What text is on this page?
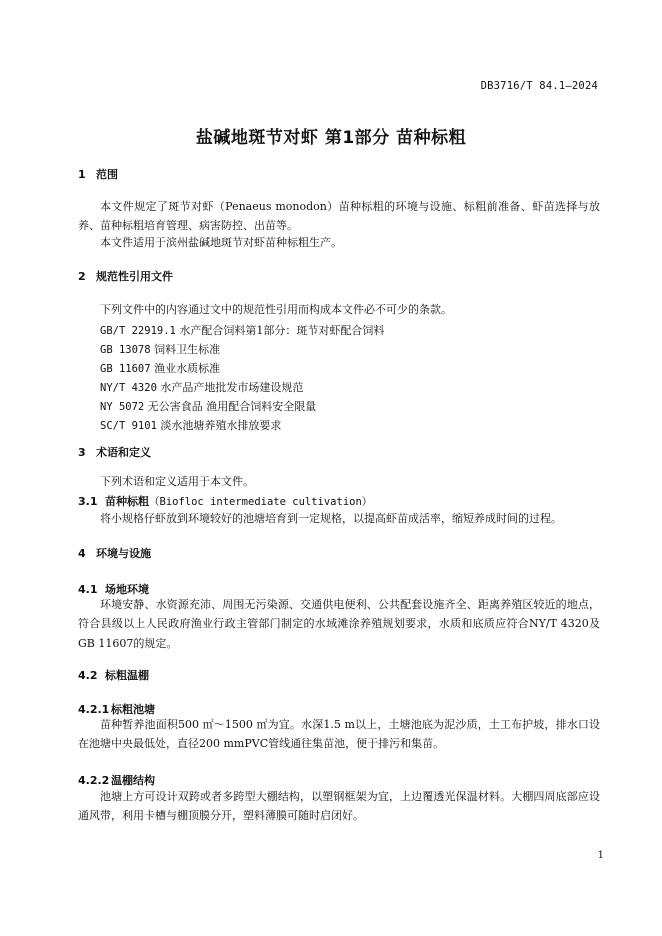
DB3716/T 84.1—2024
盐碱地斑节对虾 第1部分 苗种标粗
1 范围
本文件规定了斑节对虾（Penaeus monodon）苗种标粗的环境与设施、标粗前准备、虾苗选择与放养、苗种标粗培育管理、病害防控、出苗等。
本文件适用于滨州盐碱地斑节对虾苗种标粗生产。
2 规范性引用文件
下列文件中的内容通过文中的规范性引用而构成本文件必不可少的条款。
GB/T 22919.1 水产配合饲料第1部分：斑节对虾配合饲料
GB 13078 饲料卫生标准
GB 11607 渔业水质标准
NY/T 4320 水产品产地批发市场建设规范
NY 5072 无公害食品 渔用配合饲料安全限量
SC/T 9101 淡水池塘养殖水排放要求
3 术语和定义
下列术语和定义适用于本文件。
3.1 苗种标粗（Biofloc intermediate cultivation）
将小规格仔虾放到环境较好的池塘培育到一定规格，以提高虾苗成活率，缩短养成时间的过程。
4 环境与设施
4.1 场地环境
环境安静、水资源充沛、周围无污染源、交通供电便利、公共配套设施齐全、距离养殖区较近的地点，符合县级以上人民政府渔业行政主管部门制定的水域滩涂养殖规划要求，水质和底质应符合NY/T 4320及GB 11607的规定。
4.2 标粗温棚
4.2.1 标粗池塘
苗种暂养池面积500 ㎡～1500 ㎡为宜。水深1.5 m以上，土塘池底为泥沙质，土工布护坡，排水口设在池塘中央最低处，直径200 mmPVC管线通往集苗池，便于排污和集苗。
4.2.2 温棚结构
池塘上方可设计双跨或者多跨型大棚结构，以塑钢框架为宜，上边覆透光保温材料。大棚四周底部应设通风带，利用卡槽与棚顶膜分开，塑料薄膜可随时启闭好。
1
